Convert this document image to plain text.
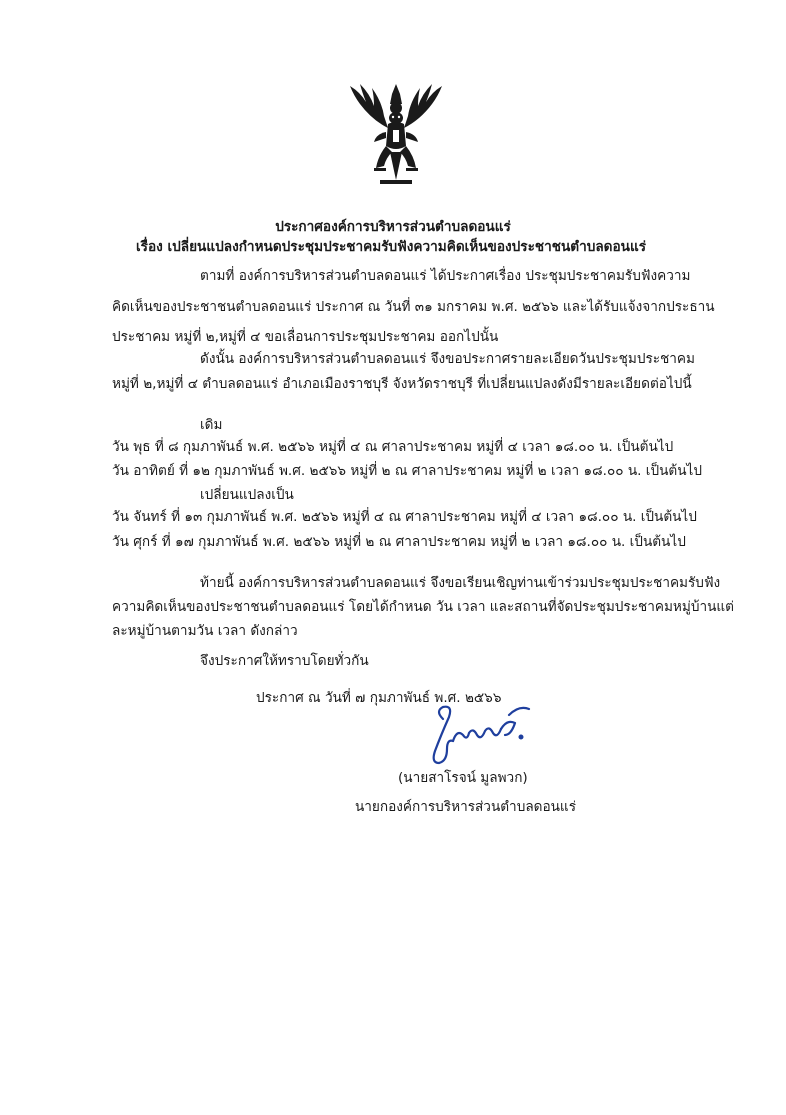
ประกาศองค์การบริหารส่วนตำบลดอนแร่
เรื่อง เปลี่ยนแปลงกำหนดประชุมประชาคมรับฟังความคิดเห็นของประชาชนตำบลดอนแร่
ตามที่ องค์การบริหารส่วนตำบลดอนแร่ ได้ประกาศเรื่อง ประชุมประชาคมรับฟังความ
คิดเห็นของประชาชนตำบลดอนแร่ ประกาศ ณ วันที่ ๓๑ มกราคม พ.ศ. ๒๕๖๖ และได้รับแจ้งจากประธาน
ประชาคม หมู่ที่ ๒,หมู่ที่ ๔ ขอเลื่อนการประชุมประชาคม ออกไปนั้น
ดังนั้น องค์การบริหารส่วนตำบลดอนแร่ จึงขอประกาศรายละเอียดวันประชุมประชาคม
หมู่ที่ ๒,หมู่ที่ ๔ ตำบลดอนแร่ อำเภอเมืองราชบุรี จังหวัดราชบุรี ที่เปลี่ยนแปลงดังมีรายละเอียดต่อไปนี้
เดิม
วัน พุธ ที่ ๘ กุมภาพันธ์ พ.ศ. ๒๕๖๖ หมู่ที่ ๔ ณ ศาลาประชาคม หมู่ที่ ๔ เวลา ๑๘.๐๐ น. เป็นต้นไป
วัน อาทิตย์ ที่ ๑๒ กุมภาพันธ์ พ.ศ. ๒๕๖๖ หมู่ที่ ๒ ณ ศาลาประชาคม หมู่ที่ ๒ เวลา ๑๘.๐๐ น. เป็นต้นไป
เปลี่ยนแปลงเป็น
วัน จันทร์ ที่ ๑๓ กุมภาพันธ์ พ.ศ. ๒๕๖๖ หมู่ที่ ๔ ณ ศาลาประชาคม หมู่ที่ ๔ เวลา ๑๘.๐๐ น. เป็นต้นไป
วัน ศุกร์ ที่ ๑๗ กุมภาพันธ์ พ.ศ. ๒๕๖๖ หมู่ที่ ๒ ณ ศาลาประชาคม หมู่ที่ ๒ เวลา ๑๘.๐๐ น. เป็นต้นไป
ท้ายนี้ องค์การบริหารส่วนตำบลดอนแร่ จึงขอเรียนเชิญท่านเข้าร่วมประชุมประชาคมรับฟัง
ความคิดเห็นของประชาชนตำบลดอนแร่ โดยได้กำหนด วัน เวลา และสถานที่จัดประชุมประชาคมหมู่บ้านแต่
ละหมู่บ้านตามวัน เวลา ดังกล่าว
จึงประกาศให้ทราบโดยทั่วกัน
ประกาศ ณ วันที่ ๗ กุมภาพันธ์ พ.ศ. ๒๕๖๖
(นายสาโรจน์ มูลพวก)
นายกองค์การบริหารส่วนตำบลดอนแร่
